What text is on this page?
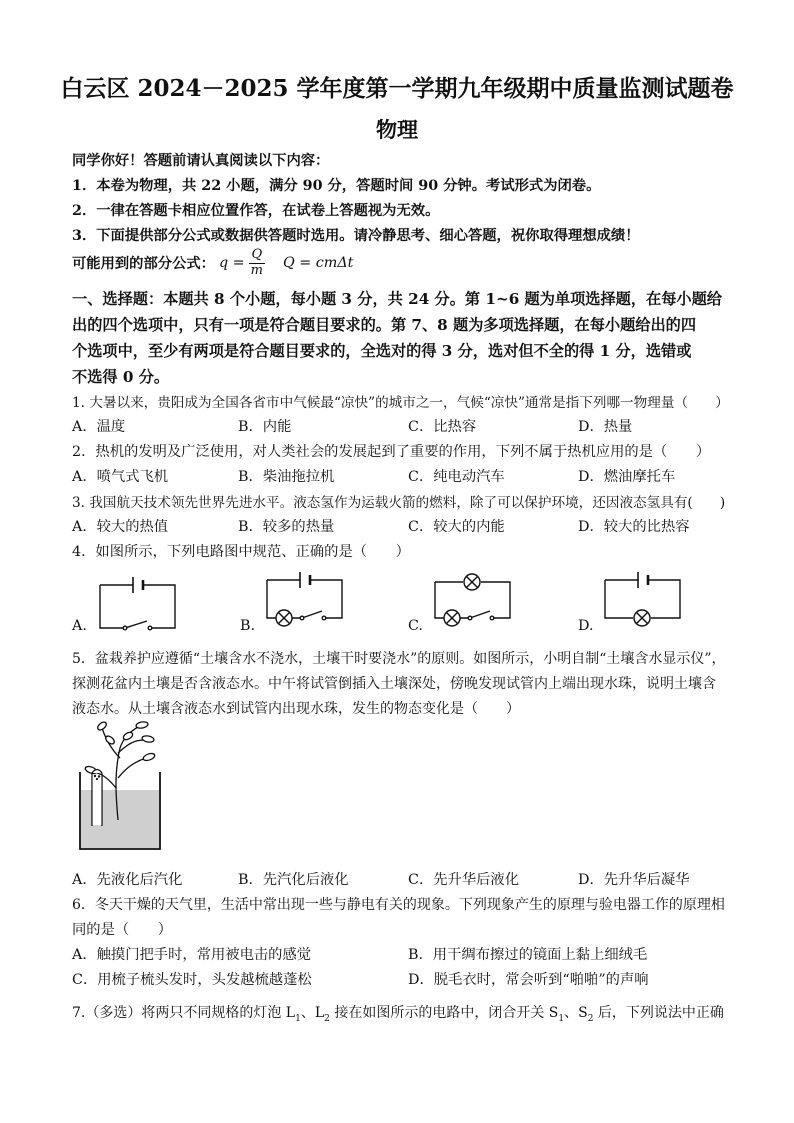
白云区 2024－2025 学年度第一学期九年级期中质量监测试题卷
物理
同学你好！答题前请认真阅读以下内容：
1．本卷为物理，共 22 小题，满分 90 分，答题时间 90 分钟。考试形式为闭卷。
2．一律在答题卡相应位置作答，在试卷上答题视为无效。
3．下面提供部分公式或数据供答题时选用。请冷静思考、细心答题，祝你取得理想成绩！
可能用到的部分公式： $q = \frac{Q}{m}$ Q = cmΔt
一、选择题：本题共 8 个小题，每小题 3 分，共 24 分。第 1~6 题为单项选择题，在每小题给
出的四个选项中，只有一项是符合题目要求的。第 7、8 题为多项选择题，在每小题给出的四
个选项中，至少有两项是符合题目要求的，全选对的得 3 分，选对但不全的得 1 分，选错或
不选得 0 分。
1. 大暑以来，贵阳成为全国各省市中气候最“凉快”的城市之一，气候“凉快”通常是指下列哪一物理量（　　）
A．温度	B．内能	C．比热容	D．热量
2．热机的发明及广泛使用，对人类社会的发展起到了重要的作用，下列不属于热机应用的是（　　）
A．喷气式飞机	B．柴油拖拉机	C．纯电动汽车	D．燃油摩托车
3. 我国航天技术领先世界先进水平。液态氢作为运载火箭的燃料，除了可以保护环境，还因液态氢具有(　　)
A．较大的热值	B．较多的热量	C．较大的内能	D．较大的比热容
4．如图所示，下列电路图中规范、正确的是（　　）
A.	B.	C.	D.
5．盆栽养护应遵循“土壤含水不浇水，土壤干时要浇水”的原则。如图所示，小明自制“土壤含水显示仪”，
探测花盆内土壤是否含液态水。中午将试管倒插入土壤深处，傍晚发现试管内上端出现水珠，说明土壤含
液态水。从土壤含液态水到试管内出现水珠，发生的物态变化是（　　）
A．先液化后汽化	B．先汽化后液化	C．先升华后液化	D．先升华后凝华
6．冬天干燥的天气里，生活中常出现一些与静电有关的现象。下列现象产生的原理与验电器工作的原理相
同的是（　　）
A．触摸门把手时，常用被电击的感觉	B．用干绸布擦过的镜面上黏上细绒毛
C．用梳子梳头发时，头发越梳越蓬松	D．脱毛衣时，常会听到“啪啪”的声响
7.（多选）将两只不同规格的灯泡 $L_1$、$L_2$ 接在如图所示的电路中，闭合开关 $S_1$、$S_2$ 后，下列说法中正确
